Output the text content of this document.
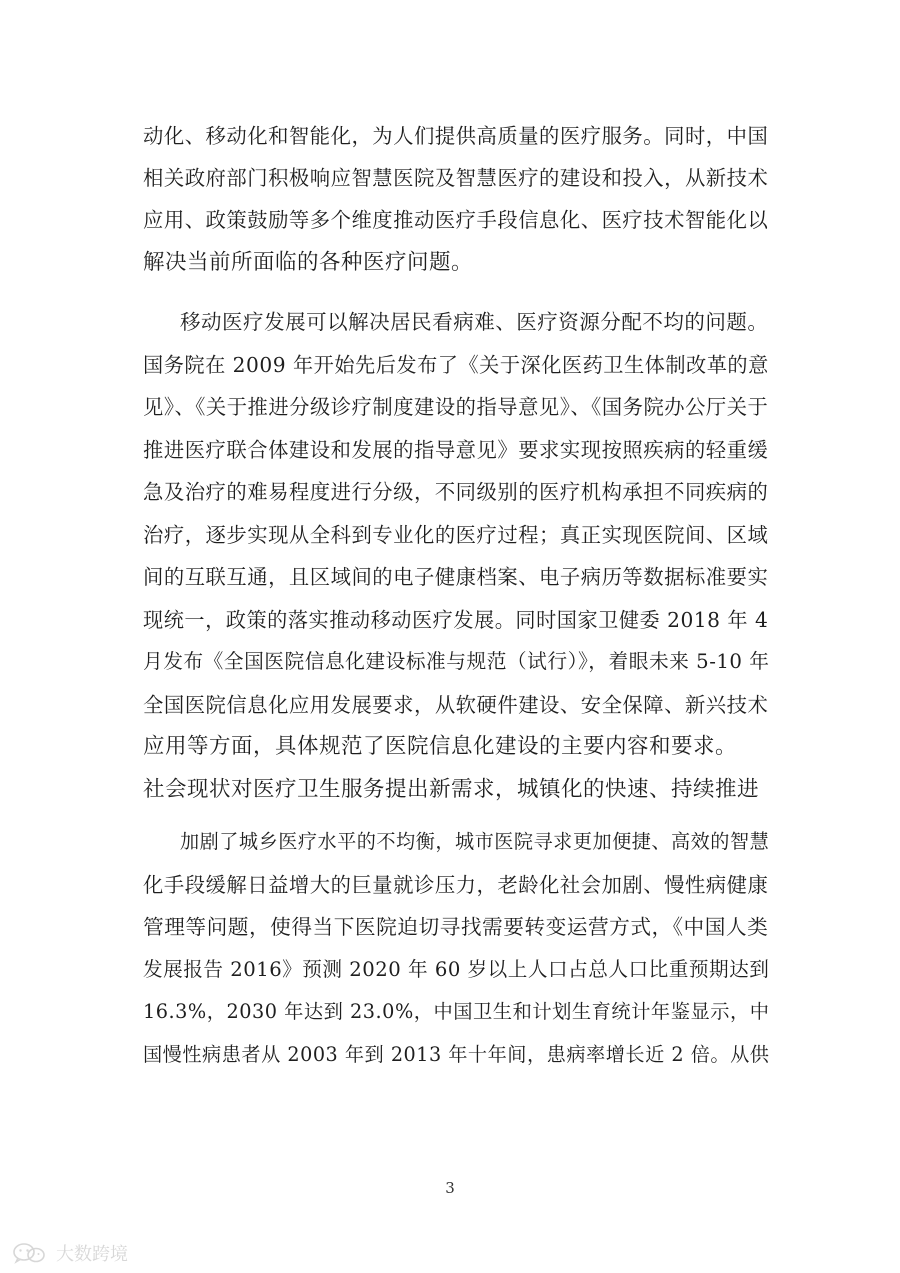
动化、移动化和智能化，为人们提供高质量的医疗服务。同时，中国
相关政府部门积极响应智慧医院及智慧医疗的建设和投入，从新技术
应用、政策鼓励等多个维度推动医疗手段信息化、医疗技术智能化以
解决当前所面临的各种医疗问题。
移动医疗发展可以解决居民看病难、医疗资源分配不均的问题。
国务院在 2009 年开始先后发布了《关于深化医药卫生体制改革的意
见》、《关于推进分级诊疗制度建设的指导意见》、《国务院办公厅关于
推进医疗联合体建设和发展的指导意见》要求实现按照疾病的轻重缓
急及治疗的难易程度进行分级，不同级别的医疗机构承担不同疾病的
治疗，逐步实现从全科到专业化的医疗过程；真正实现医院间、区域
间的互联互通，且区域间的电子健康档案、电子病历等数据标准要实
现统一，政策的落实推动移动医疗发展。同时国家卫健委 2018 年 4
月发布《全国医院信息化建设标准与规范（试行）》，着眼未来 5-10 年
全国医院信息化应用发展要求，从软硬件建设、安全保障、新兴技术
应用等方面，具体规范了医院信息化建设的主要内容和要求。
社会现状对医疗卫生服务提出新需求，城镇化的快速、持续推进
加剧了城乡医疗水平的不均衡，城市医院寻求更加便捷、高效的智慧
化手段缓解日益增大的巨量就诊压力，老龄化社会加剧、慢性病健康
管理等问题，使得当下医院迫切寻找需要转变运营方式，《中国人类
发展报告 2016》预测 2020 年 60 岁以上人口占总人口比重预期达到
16.3%，2030 年达到 23.0%，中国卫生和计划生育统计年鉴显示，中
国慢性病患者从 2003 年到 2013 年十年间，患病率增长近 2 倍。从供
3
大数跨境
